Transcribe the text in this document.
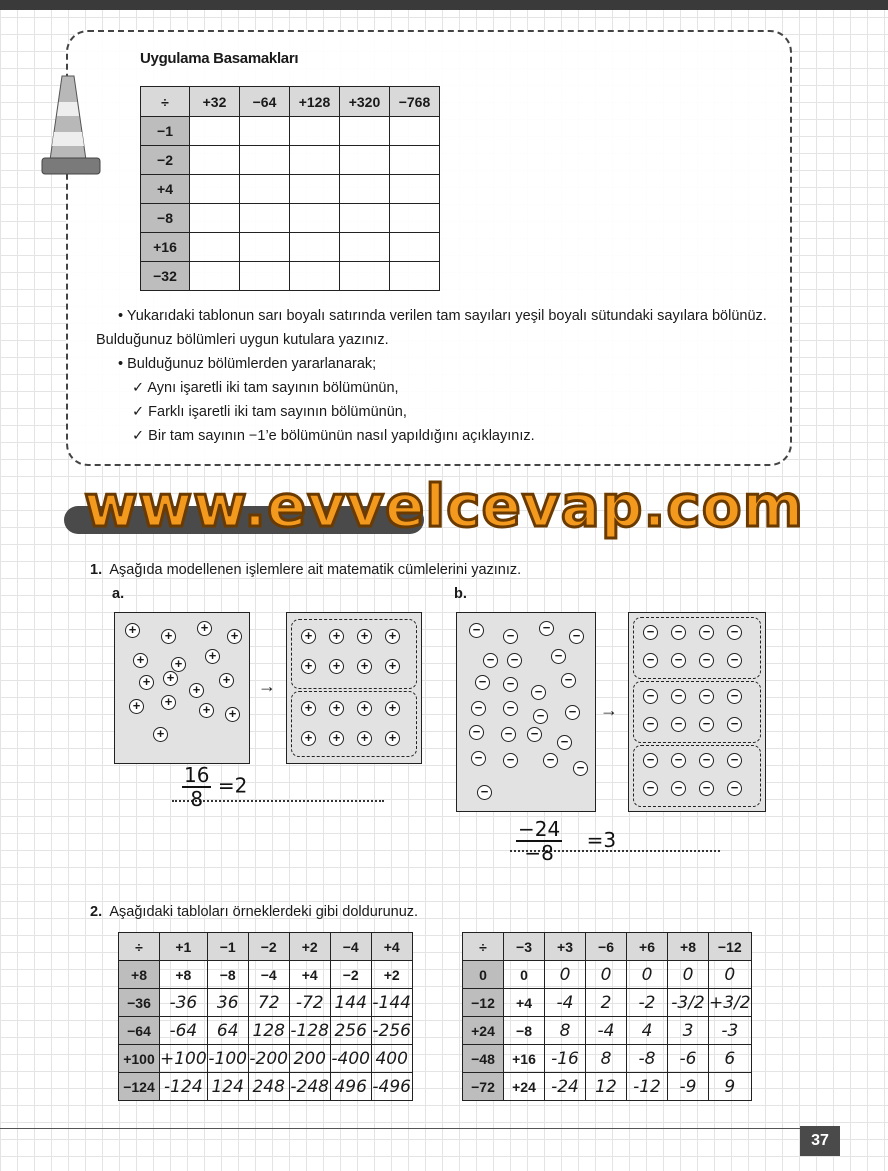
Uygulama Basamakları
÷	+32	−64	+128	+320	−768
−1					
−2					
+4					
−8					
+16					
−32					

• Yukarıdaki tablonun sarı boyalı satırında verilen tam sayıları yeşil boyalı sütundaki sayılara bölünüz. Bulduğunuz bölümleri uygun kutulara yazınız.

• Bulduğunuz bölümlerden yararlanarak;

✓ Aynı işaretli iki tam sayının bölümünün,

✓ Farklı işaretli iki tam sayının bölümünün,

✓ Bir tam sayının −1’e bölümünün nasıl yapıldığını açıklayınız.

www.evvelcevap.com
1. Aşağıda modellenen işlemlere ait matematik cümlelerini yazınız.
a.	b.
+ +
+
+
+ +
+
+ +
+
+
+ +
+ +
+
→
+ + + +
+ + + +
+ + + +
+ + + +
− −
−
−
− −	−
− −
−
−
− −
− −
− − −
−
− − −
−
−
→
− − − −
− − − −
− − − −
− − − −
− − − −
− − − −
$\frac{16}{8} =2$
$\frac{-24}{-8} =3$
2. Aşağıdaki tabloları örneklerdeki gibi doldurunuz.
÷	+1	−1	−2	+2	−4	+4
+8	+8	−8	−4	+4	−2	+2
−36	-36	36	72	-72	144	-144
−64	-64	64	128	-128	256	-256
+100	+100	-100	-200	200	-400	400
−124	-124	124	248	-248	496	-496
÷	−3	+3	−6	+6	+8	−12
0	0	0	0	0	0	0
−12	+4	-4	2	-2	-3/2	+3/2
+24	−8	8	-4	4	3	-3
−48	+16	-16	8	-8	-6	6
−72	+24	-24	12	-12	-9	9
37
